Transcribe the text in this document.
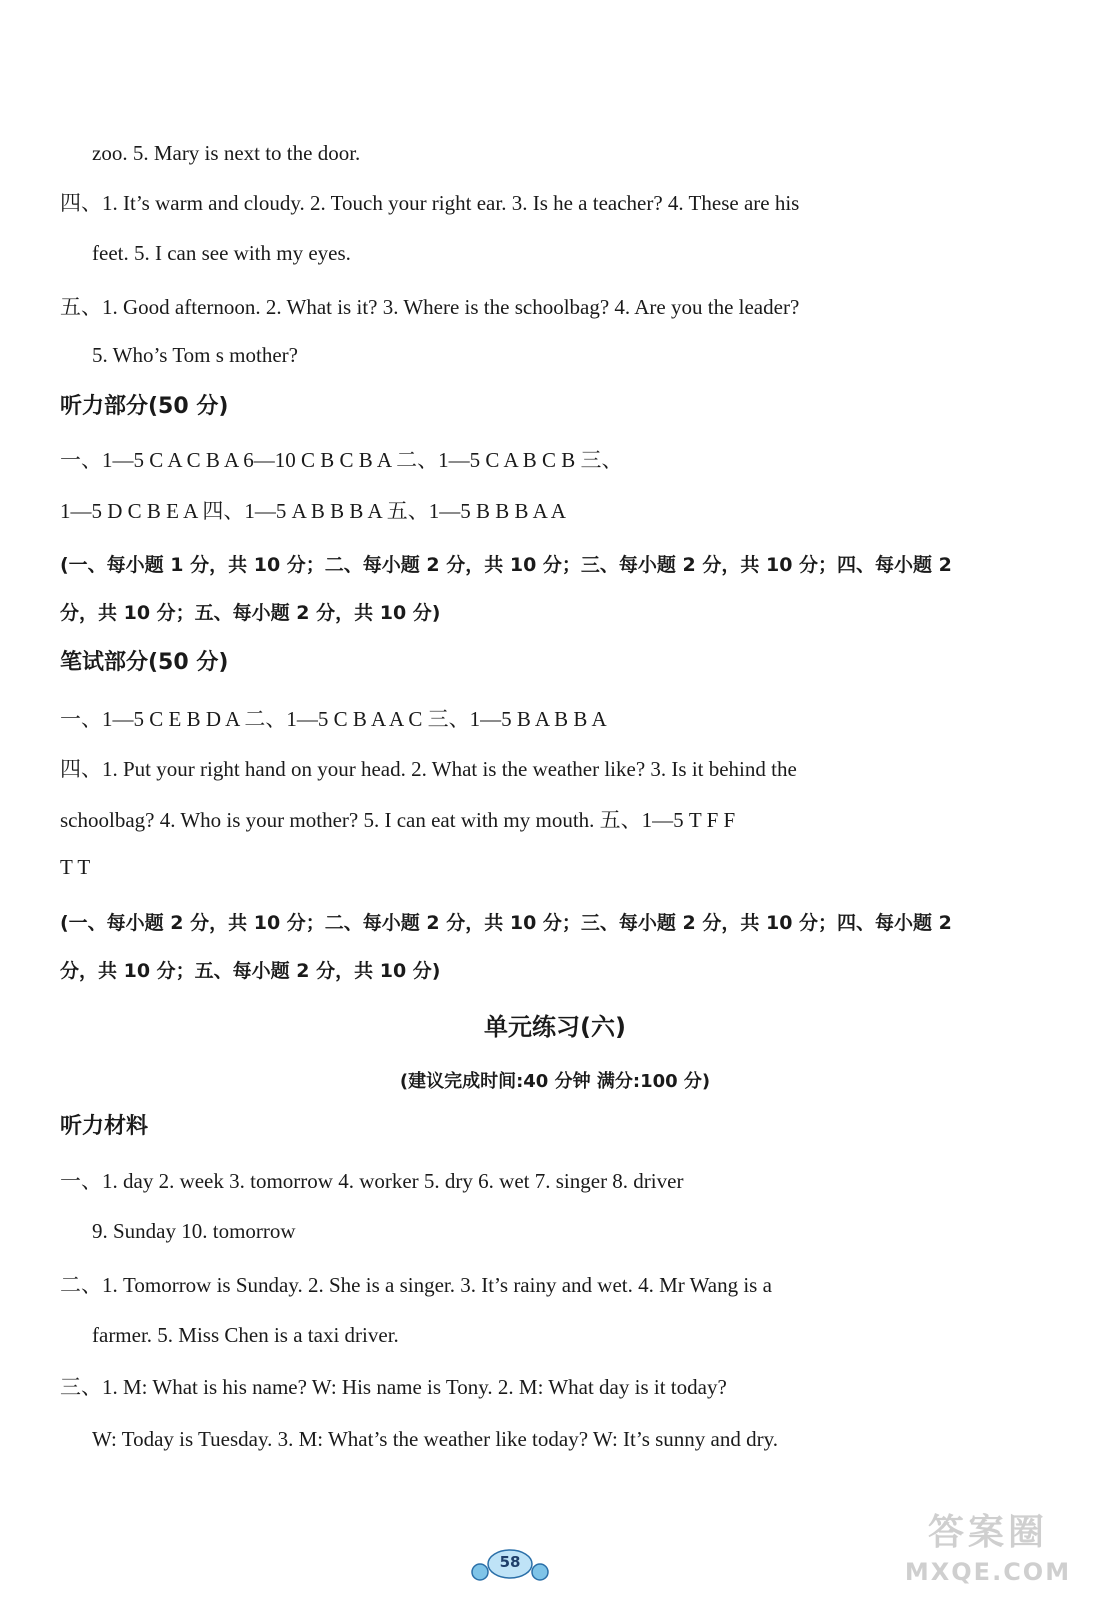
zoo. 5. Mary is next to the door.
四、1. It’s warm and cloudy. 2. Touch your right ear. 3. Is he a teacher? 4. These are his
feet. 5. I can see with my eyes.
五、1. Good afternoon. 2. What is it? 3. Where is the schoolbag? 4. Are you the leader?
5. Who’s Tom s mother?
听力部分(50 分)
一、1—5 C A C B A 6—10 C B C B A 二、1—5 C A B C B 三、
1—5 D C B E A 四、1—5 A B B B A 五、1—5 B B B A A
(一、每小题 1 分，共 10 分；二、每小题 2 分，共 10 分；三、每小题 2 分，共 10 分；四、每小题 2
分，共 10 分；五、每小题 2 分，共 10 分)
笔试部分(50 分)
一、1—5 C E B D A 二、1—5 C B A A C 三、1—5 B A B B A
四、1. Put your right hand on your head. 2. What is the weather like? 3. Is it behind the
schoolbag? 4. Who is your mother? 5. I can eat with my mouth. 五、1—5 T F F
T T
(一、每小题 2 分，共 10 分；二、每小题 2 分，共 10 分；三、每小题 2 分，共 10 分；四、每小题 2
分，共 10 分；五、每小题 2 分，共 10 分)
单元练习(六)
(建议完成时间:40 分钟 满分:100 分)
听力材料
一、1. day 2. week 3. tomorrow 4. worker 5. dry 6. wet 7. singer 8. driver
9. Sunday 10. tomorrow
二、1. Tomorrow is Sunday. 2. She is a singer. 3. It’s rainy and wet. 4. Mr Wang is a
farmer. 5. Miss Chen is a taxi driver.
三、1. M: What is his name? W: His name is Tony. 2. M: What day is it today?
W: Today is Tuesday. 3. M: What’s the weather like today? W: It’s sunny and dry.
58
答案圈
MXQE.COM
